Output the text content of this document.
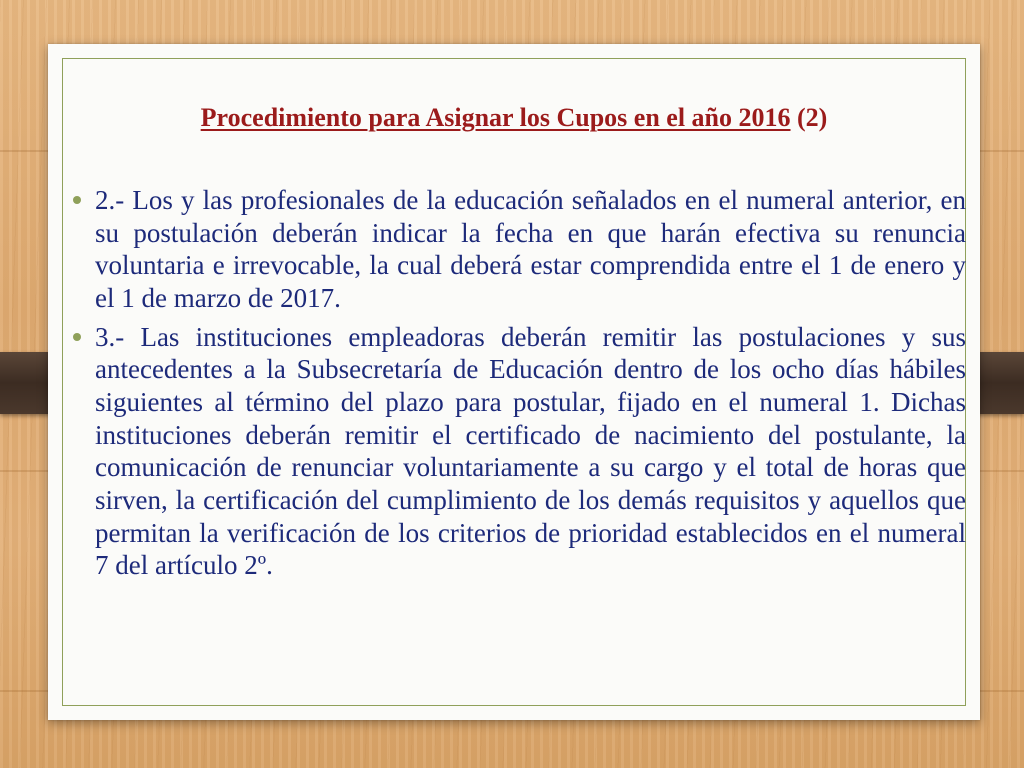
Procedimiento para Asignar los Cupos en el año 2016 (2)
2.- Los y las profesionales de la educación señalados en el numeral anterior, en su postulación deberán indicar la fecha en que harán efectiva su renuncia voluntaria e irrevocable, la cual deberá estar comprendida entre el 1 de enero y el 1 de marzo de 2017.
3.- Las instituciones empleadoras deberán remitir las postulaciones y sus antecedentes a la Subsecretaría de Educación dentro de los ocho días hábiles siguientes al término del plazo para postular, fijado en el numeral 1. Dichas instituciones deberán remitir el certificado de nacimiento del postulante, la comunicación de renunciar voluntariamente a su cargo y el total de horas que sirven, la certificación del cumplimiento de los demás requisitos y aquellos que permitan la verificación de los criterios de prioridad establecidos en el numeral 7 del artículo 2º.
